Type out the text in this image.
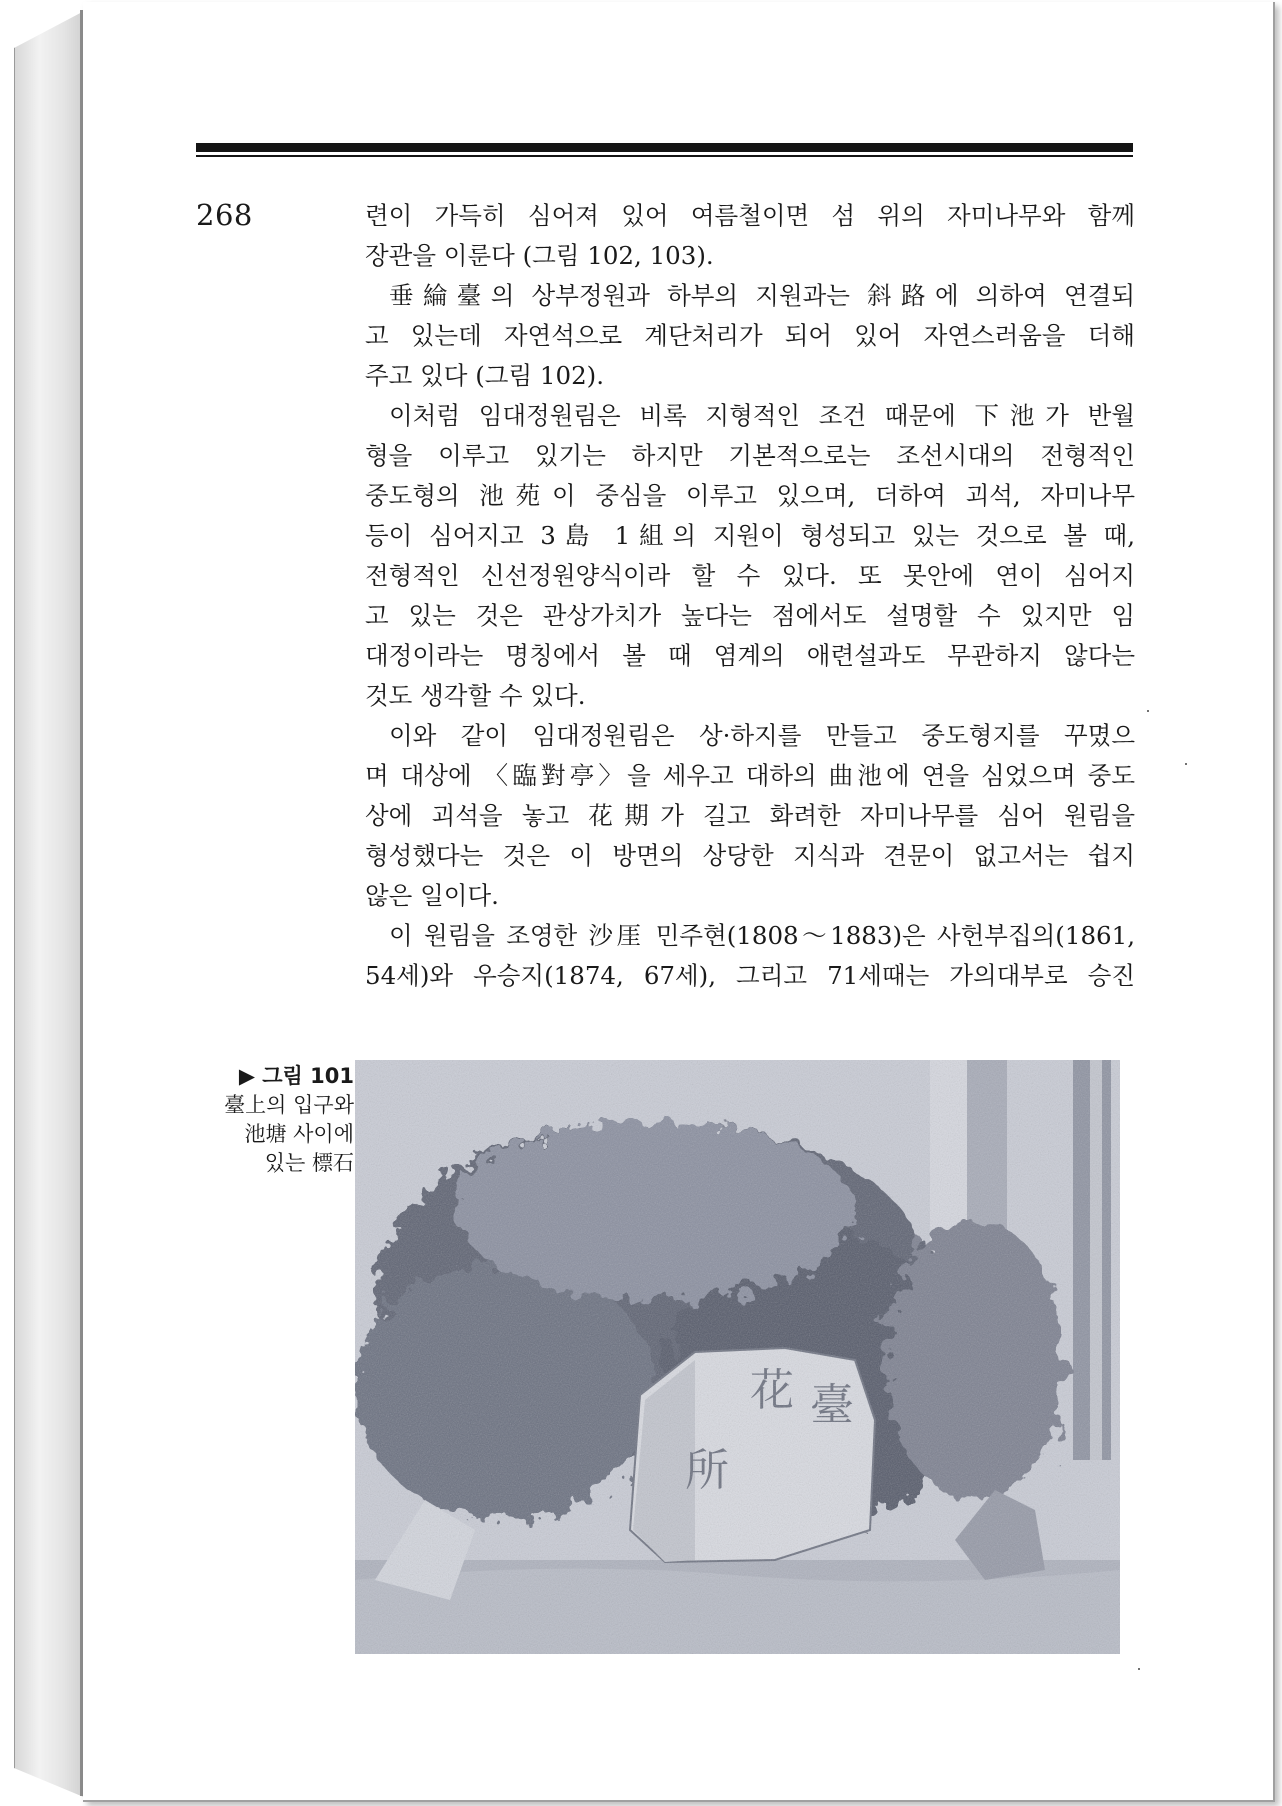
268	련이 가득히 심어져 있어 여름철이면 섬 위의 자미나무와 함께

장관을 이룬다 (그림 102, 103).

垂綸臺의 상부정원과 하부의 지원과는 斜路에 의하여 연결되

고 있는데 자연석으로 계단처리가 되어 있어 자연스러움을 더해

주고 있다 (그림 102).

이처럼 임대정원림은 비록 지형적인 조건 때문에 下池가 반월

형을 이루고 있기는 하지만 기본적으로는 조선시대의 전형적인

중도형의 池苑이 중심을 이루고 있으며, 더하여 괴석, 자미나무

등이 심어지고 3島 1組의 지원이 형성되고 있는 것으로 볼 때,

전형적인 신선정원양식이라 할 수 있다. 또 못안에 연이 심어지

고 있는 것은 관상가치가 높다는 점에서도 설명할 수 있지만 임

대정이라는 명칭에서 볼 때 염계의 애련설과도 무관하지 않다는

것도 생각할 수 있다.

이와 같이 임대정원림은 상·하지를 만들고 중도형지를 꾸몄으

며 대상에 〈臨對亭〉을 세우고 대하의 曲池에 연을 심었으며 중도

상에 괴석을 놓고 花期가 길고 화려한 자미나무를 심어 원림을

형성했다는 것은 이 방면의 상당한 지식과 견문이 없고서는 쉽지

않은 일이다.

이 원림을 조영한 沙厓 민주현(1808～1883)은 사헌부집의(1861,

54세)와 우승지(1874, 67세), 그리고 71세때는 가의대부로 승진

▶ 그림 101
臺上의 입구와
池塘 사이에
있는 標石
